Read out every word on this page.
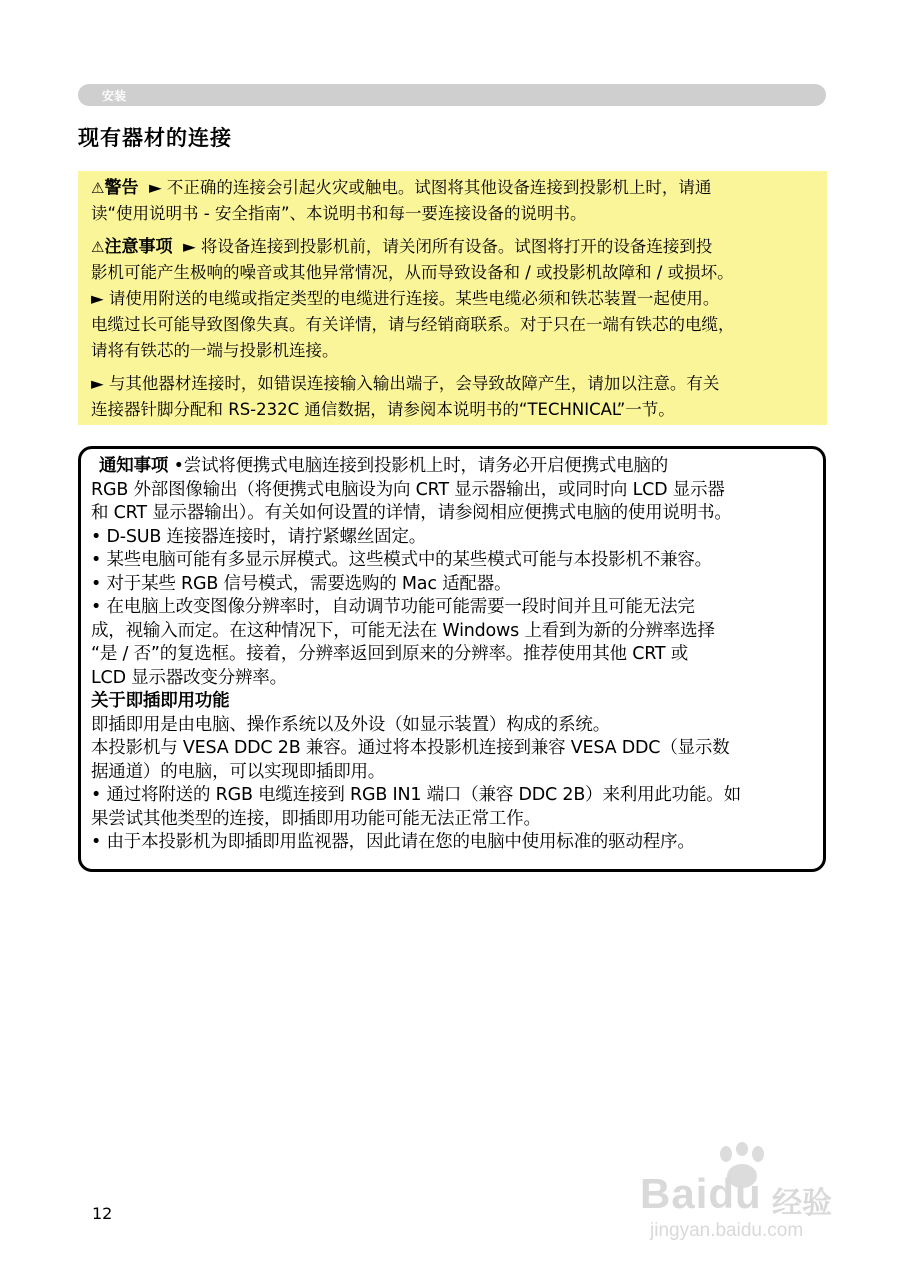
安装
现有器材的连接

⚠警告 ► 不正确的连接会引起火灾或触电。试图将其他设备连接到投影机上时，请通

读“使用说明书 - 安全指南”、本说明书和每一要连接设备的说明书。

⚠注意事项 ► 将设备连接到投影机前，请关闭所有设备。试图将打开的设备连接到投

影机可能产生极响的噪音或其他异常情况，从而导致设备和 / 或投影机故障和 / 或损坏。

► 请使用附送的电缆或指定类型的电缆进行连接。某些电缆必须和铁芯装置一起使用。

电缆过长可能导致图像失真。有关详情，请与经销商联系。对于只在一端有铁芯的电缆，

请将有铁芯的一端与投影机连接。

► 与其他器材连接时，如错误连接输入输出端子，会导致故障产生，请加以注意。有关

连接器针脚分配和 RS-232C 通信数据，请参阅本说明书的“TECHNICAL”一节。

通知事项 •尝试将便携式电脑连接到投影机上时，请务必开启便携式电脑的

RGB 外部图像输出（将便携式电脑设为向 CRT 显示器输出，或同时向 LCD 显示器

和 CRT 显示器输出）。有关如何设置的详情，请参阅相应便携式电脑的使用说明书。

• D-SUB 连接器连接时，请拧紧螺丝固定。

• 某些电脑可能有多显示屏模式。这些模式中的某些模式可能与本投影机不兼容。

• 对于某些 RGB 信号模式，需要选购的 Mac 适配器。

• 在电脑上改变图像分辨率时，自动调节功能可能需要一段时间并且可能无法完

成，视输入而定。在这种情况下，可能无法在 Windows 上看到为新的分辨率选择

“是 / 否”的复选框。接着，分辨率返回到原来的分辨率。推荐使用其他 CRT 或

LCD 显示器改变分辨率。

关于即插即用功能

即插即用是由电脑、操作系统以及外设（如显示装置）构成的系统。

本投影机与 VESA DDC 2B 兼容。通过将本投影机连接到兼容 VESA DDC（显示数

据通道）的电脑，可以实现即插即用。

• 通过将附送的 RGB 电缆连接到 RGB IN1 端口（兼容 DDC 2B）来利用此功能。如

果尝试其他类型的连接，即插即用功能可能无法正常工作。

• 由于本投影机为即插即用监视器，因此请在您的电脑中使用标准的驱动程序。

12	Baidu 经验
jingyan.baidu.com
